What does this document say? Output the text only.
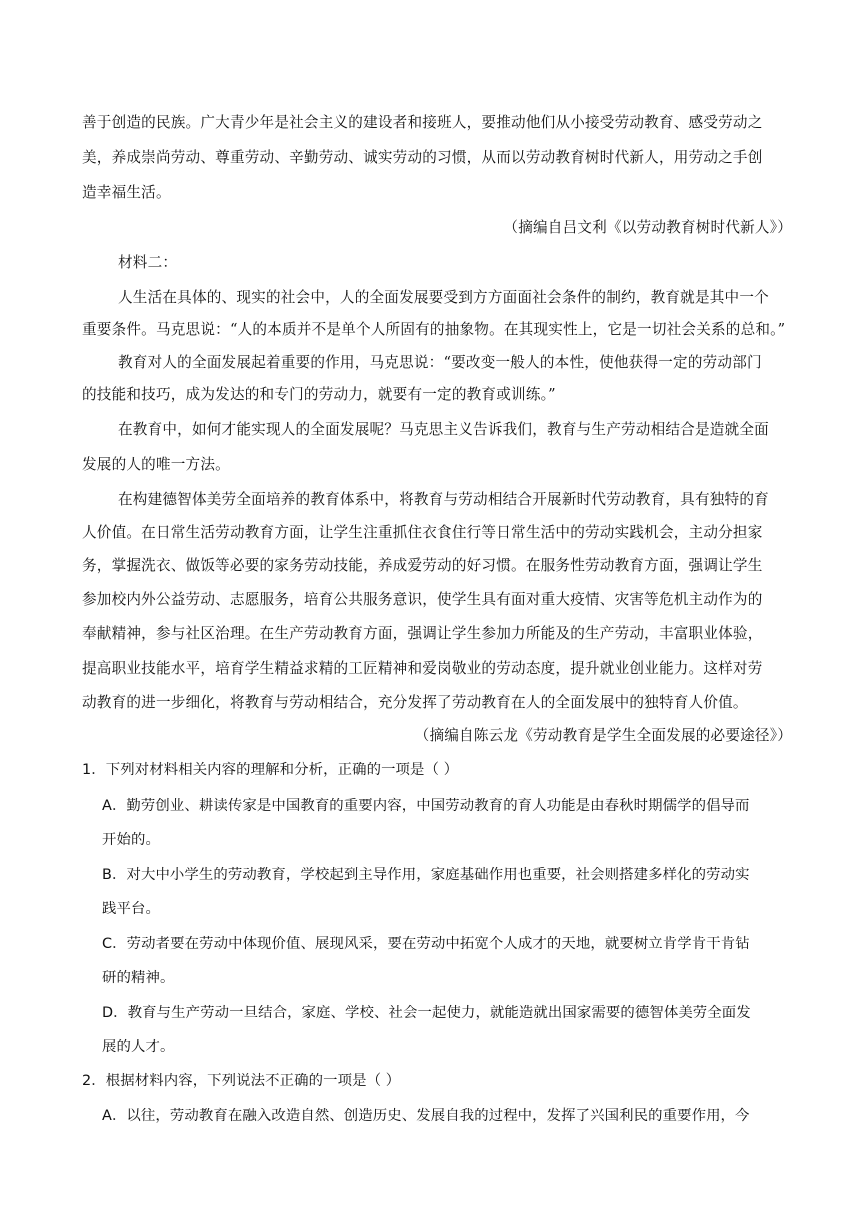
善于创造的民族。广大青少年是社会主义的建设者和接班人，要推动他们从小接受劳动教育、感受劳动之
美，养成崇尚劳动、尊重劳动、辛勤劳动、诚实劳动的习惯，从而以劳动教育树时代新人，用劳动之手创
造幸福生活。
（摘编自吕文利《以劳动教育树时代新人》）
材料二：
人生活在具体的、现实的社会中，人的全面发展要受到方方面面社会条件的制约，教育就是其中一个
重要条件。马克思说：“人的本质并不是单个人所固有的抽象物。在其现实性上，它是一切社会关系的总和。”
教育对人的全面发展起着重要的作用，马克思说：“要改变一般人的本性，使他获得一定的劳动部门
的技能和技巧，成为发达的和专门的劳动力，就要有一定的教育或训练。”
在教育中，如何才能实现人的全面发展呢？马克思主义告诉我们，教育与生产劳动相结合是造就全面
发展的人的唯一方法。
在构建德智体美劳全面培养的教育体系中，将教育与劳动相结合开展新时代劳动教育，具有独特的育
人价值。在日常生活劳动教育方面，让学生注重抓住衣食住行等日常生活中的劳动实践机会，主动分担家
务，掌握洗衣、做饭等必要的家务劳动技能，养成爱劳动的好习惯。在服务性劳动教育方面，强调让学生
参加校内外公益劳动、志愿服务，培育公共服务意识，使学生具有面对重大疫情、灾害等危机主动作为的
奉献精神，参与社区治理。在生产劳动教育方面，强调让学生参加力所能及的生产劳动，丰富职业体验，
提高职业技能水平，培育学生精益求精的工匠精神和爱岗敬业的劳动态度，提升就业创业能力。这样对劳
动教育的进一步细化，将教育与劳动相结合，充分发挥了劳动教育在人的全面发展中的独特育人价值。
（摘编自陈云龙《劳动教育是学生全面发展的必要途径》）
1．下列对材料相关内容的理解和分析，正确的一项是（ ）
A．勤劳创业、耕读传家是中国教育的重要内容，中国劳动教育的育人功能是由春秋时期儒学的倡导而
开始的。
B．对大中小学生的劳动教育，学校起到主导作用，家庭基础作用也重要，社会则搭建多样化的劳动实
践平台。
C．劳动者要在劳动中体现价值、展现风采，要在劳动中拓宽个人成才的天地，就要树立肯学肯干肯钻
研的精神。
D．教育与生产劳动一旦结合，家庭、学校、社会一起使力，就能造就出国家需要的德智体美劳全面发
展的人才。
2．根据材料内容，下列说法不正确的一项是（ ）
A．以往，劳动教育在融入改造自然、创造历史、发展自我的过程中，发挥了兴国利民的重要作用，今
